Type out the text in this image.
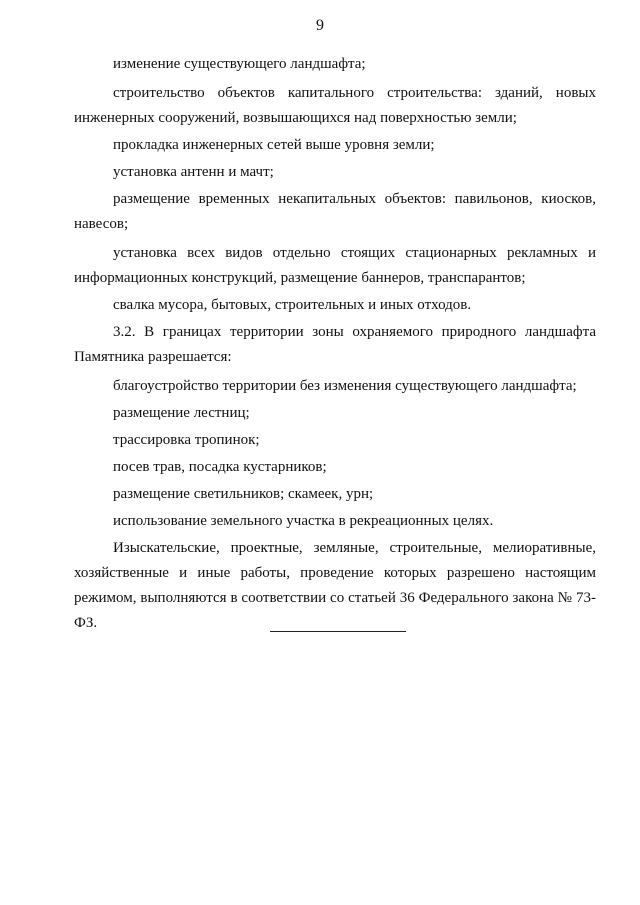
9

изменение существующего ландшафта;

строительство объектов капитального строительства: зданий, новых инженерных сооружений, возвышающихся над поверхностью земли;

прокладка инженерных сетей выше уровня земли;

установка антенн и мачт;

размещение временных некапитальных объектов: павильонов, киосков, навесов;

установка всех видов отдельно стоящих стационарных рекламных и информационных конструкций, размещение баннеров, транспарантов;

свалка мусора, бытовых, строительных и иных отходов.

3.2. В границах территории зоны охраняемого природного ландшафта Памятника разрешается:

благоустройство территории без изменения существующего ландшафта;

размещение лестниц;

трассировка тропинок;

посев трав, посадка кустарников;

размещение светильников; скамеек, урн;

использование земельного участка в рекреационных целях.

Изыскательские, проектные, земляные, строительные, мелиоративные, хозяйственные и иные работы, проведение которых разрешено настоящим режимом, выполняются в соответствии со статьей 36 Федерального закона № 73-ФЗ.
